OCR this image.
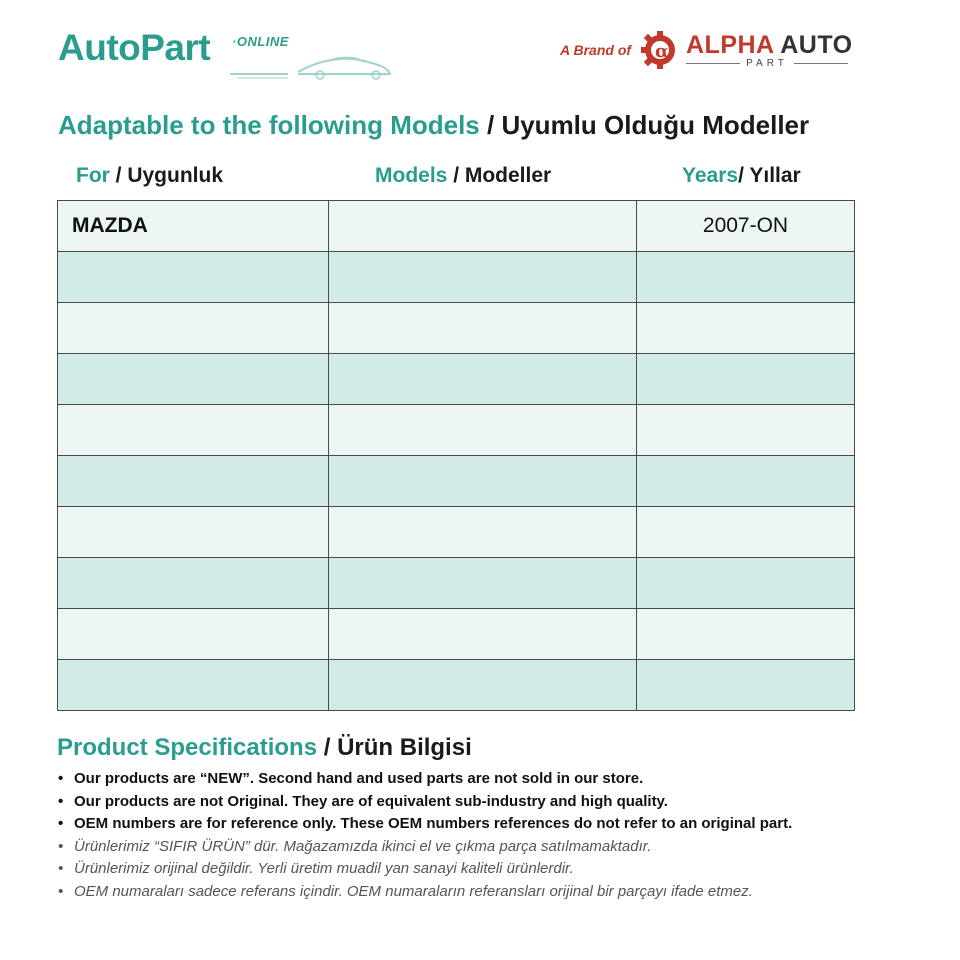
AutoPart ·ONLINE
A Brand of α ALPHA AUTO
PART
Adaptable to the following Models / Uyumlu Olduğu Modeller
For / Uygunluk	Models / Modeller	Years/ Yıllar
MAZDA		2007-ON

Product Specifications / Ürün Bilgisi
• Our products are “NEW”. Second hand and used parts are not sold in our store.
• Our products are not Original. They are of equivalent sub-industry and high quality.
• OEM numbers are for reference only. These OEM numbers references do not refer to an original part.
• Ürünlerimiz “SIFIR ÜRÜN” dür. Mağazamızda ikinci el ve çıkma parça satılmamaktadır.
• Ürünlerimiz orijinal değildir. Yerli üretim muadil yan sanayi kaliteli ürünlerdir.
• OEM numaraları sadece referans içindir. OEM numaraların referansları orijinal bir parçayı ifade etmez.
